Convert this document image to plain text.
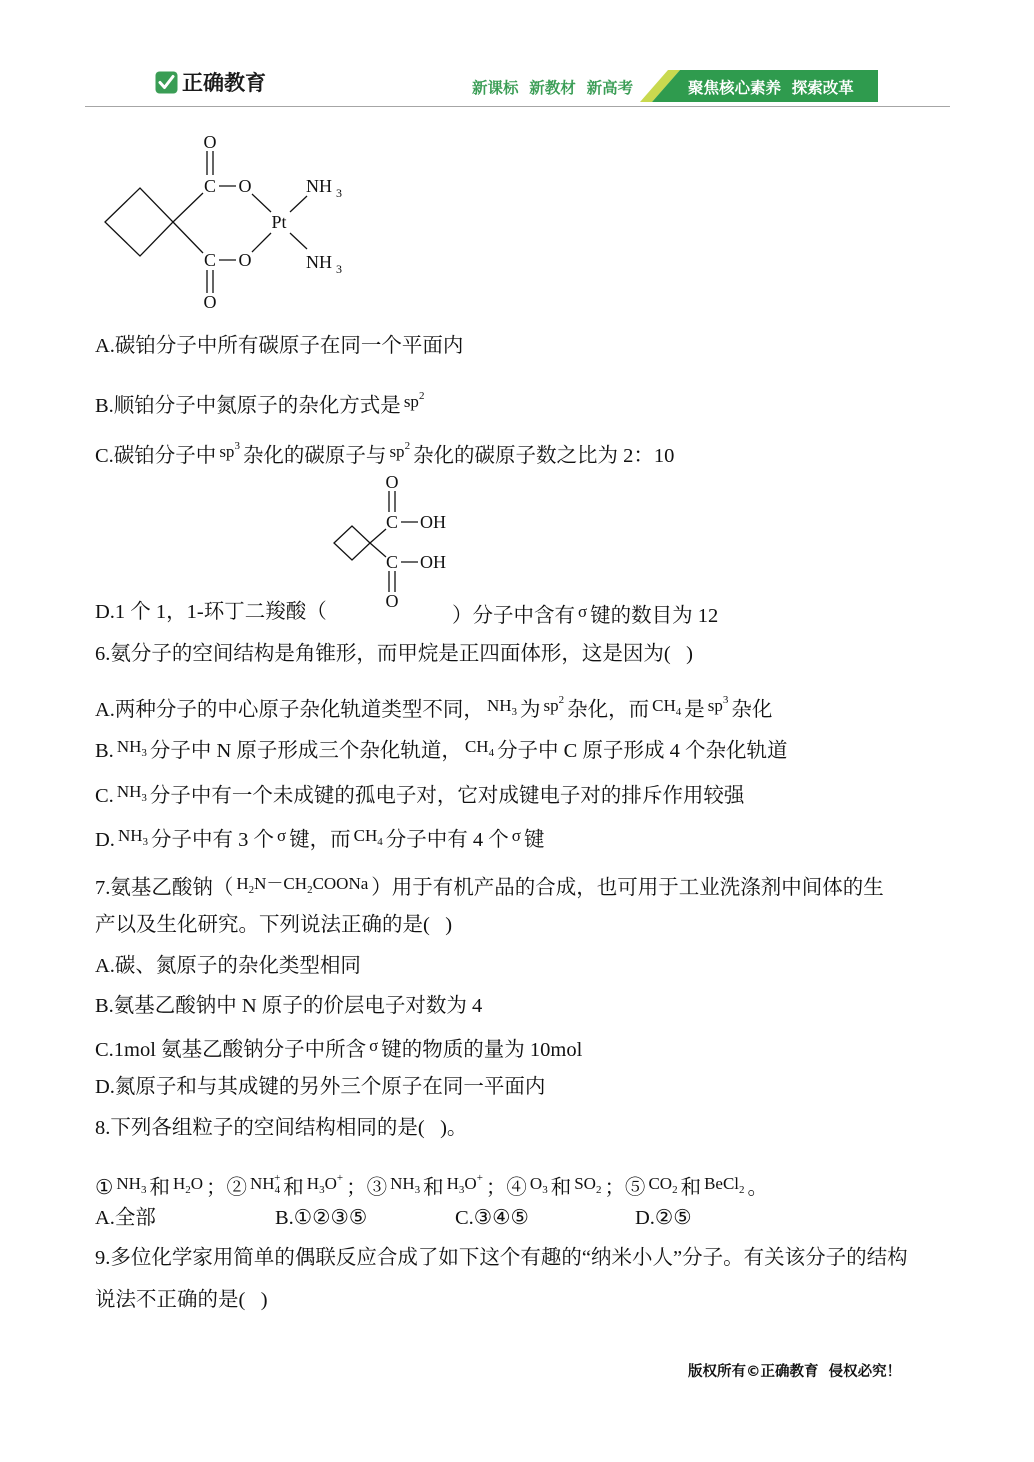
正确教育	新课标  新教材  新高考	聚焦核心素养  探索改革
O
C O	NH 3
Pt
C O	NH 3
O
A.碳铂分子中所有碳原子在同一个平面内
B.顺铂分子中氮原子的杂化方式是 $^{sp^2}$
C.碳铂分子中 $^{sp^3}$ 杂化的碳原子与 $^{sp^2}$ 杂化的碳原子数之比为 2：10
O
C OH
C OH
O
D.1 个 1，1-环丁二羧酸（	）分子中含有 $^\sigma$ 键的数目为 12
6.氨分子的空间结构是角锥形，而甲烷是正四面体形，这是因为(   )
A.两种分子的中心原子杂化轨道类型不同， $^{NH_3}$ 为 $^{sp^2}$ 杂化，而 $^{CH_4}$ 是 $^{sp^3}$ 杂化
B. $^{NH_3}$ 分子中 N 原子形成三个杂化轨道， $^{CH_4}$ 分子中 C 原子形成 4 个杂化轨道
C. $^{NH_3}$ 分子中有一个未成键的孤电子对，它对成键电子对的排斥作用较强
D. $^{NH_3}$ 分子中有 3 个 $^\sigma$ 键，而 $^{CH_4}$ 分子中有 4 个 $^\sigma$ 键
7.氨基乙酸钠（ $^{H_2N-CH_2COONa}$ ）用于有机产品的合成，也可用于工业洗涤剂中间体的生
产以及生化研究。下列说法正确的是(   )
A.碳、氮原子的杂化类型相同
B.氨基乙酸钠中 N 原子的价层电子对数为 4
C.1mol 氨基乙酸钠分子中所含 $^\sigma$ 键的物质的量为 10mol
D.氮原子和与其成键的另外三个原子在同一平面内
8.下列各组粒子的空间结构相同的是(   )。
① $^{NH_3}$ 和 $^{H_2O}$ ；② $^{NH_4^+}$ 和 $^{H_3O^+}$ ；③ $^{NH_3}$ 和 $^{H_3O^+}$ ；④ $^{O_3}$ 和 $^{SO_2}$ ；⑤ $^{CO_2}$ 和 $^{BeCl_2}$ 。
A.全部	B.①②③⑤	C.③④⑤	D.②⑤
9.多位化学家用简单的偶联反应合成了如下这个有趣的“纳米小人”分子。有关该分子的结构
说法不正确的是(   )
版权所有©正确教育  侵权必究！
